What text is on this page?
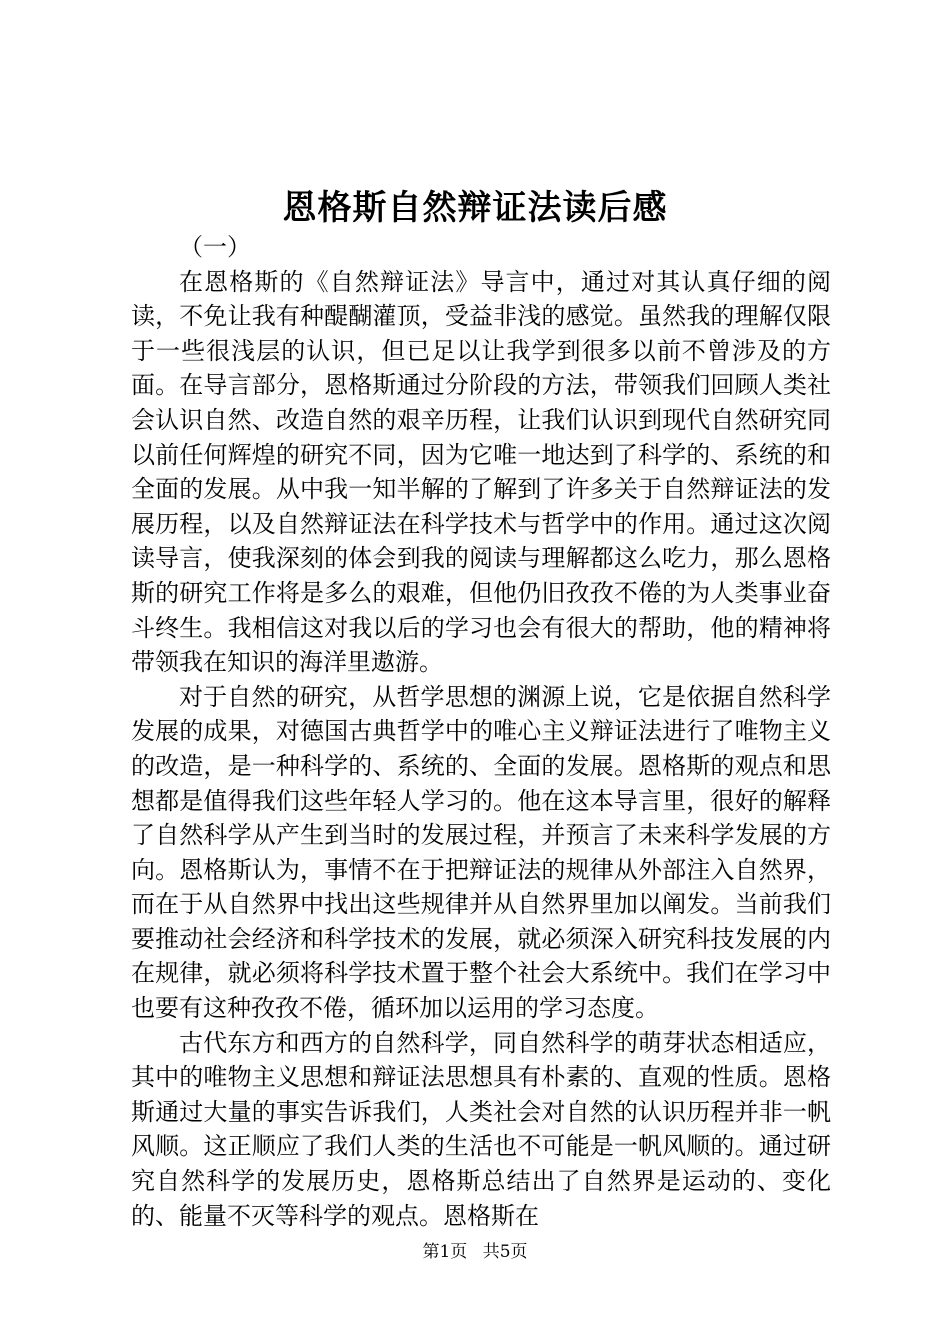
恩格斯自然辩证法读后感

（一）

在恩格斯的《自然辩证法》导言中，通过对其认真仔细的阅读，不免让我有种醍醐灌顶，受益非浅的感觉。虽然我的理解仅限于一些很浅层的认识，但已足以让我学到很多以前不曾涉及的方面。在导言部分，恩格斯通过分阶段的方法，带领我们回顾人类社会认识自然、改造自然的艰辛历程，让我们认识到现代自然研究同以前任何辉煌的研究不同，因为它唯一地达到了科学的、系统的和全面的发展。从中我一知半解的了解到了许多关于自然辩证法的发展历程，以及自然辩证法在科学技术与哲学中的作用。通过这次阅读导言，使我深刻的体会到我的阅读与理解都这么吃力，那么恩格斯的研究工作将是多么的艰难，但他仍旧孜孜不倦的为人类事业奋斗终生。我相信这对我以后的学习也会有很大的帮助，他的精神将带领我在知识的海洋里遨游。

对于自然的研究，从哲学思想的渊源上说，它是依据自然科学发展的成果，对德国古典哲学中的唯心主义辩证法进行了唯物主义的改造，是一种科学的、系统的、全面的发展。恩格斯的观点和思想都是值得我们这些年轻人学习的。他在这本导言里，很好的解释了自然科学从产生到当时的发展过程，并预言了未来科学发展的方向。恩格斯认为，事情不在于把辩证法的规律从外部注入自然界，而在于从自然界中找出这些规律并从自然界里加以阐发。当前我们要推动社会经济和科学技术的发展，就必须深入研究科技发展的内在规律，就必须将科学技术置于整个社会大系统中。我们在学习中也要有这种孜孜不倦，循环加以运用的学习态度。

古代东方和西方的自然科学，同自然科学的萌芽状态相适应，其中的唯物主义思想和辩证法思想具有朴素的、直观的性质。恩格斯通过大量的事实告诉我们，人类社会对自然的认识历程并非一帆风顺。这正顺应了我们人类的生活也不可能是一帆风顺的。通过研究自然科学的发展历史，恩格斯总结出了自然界是运动的、变化的、能量不灭等科学的观点。恩格斯在

第1页 共5页
